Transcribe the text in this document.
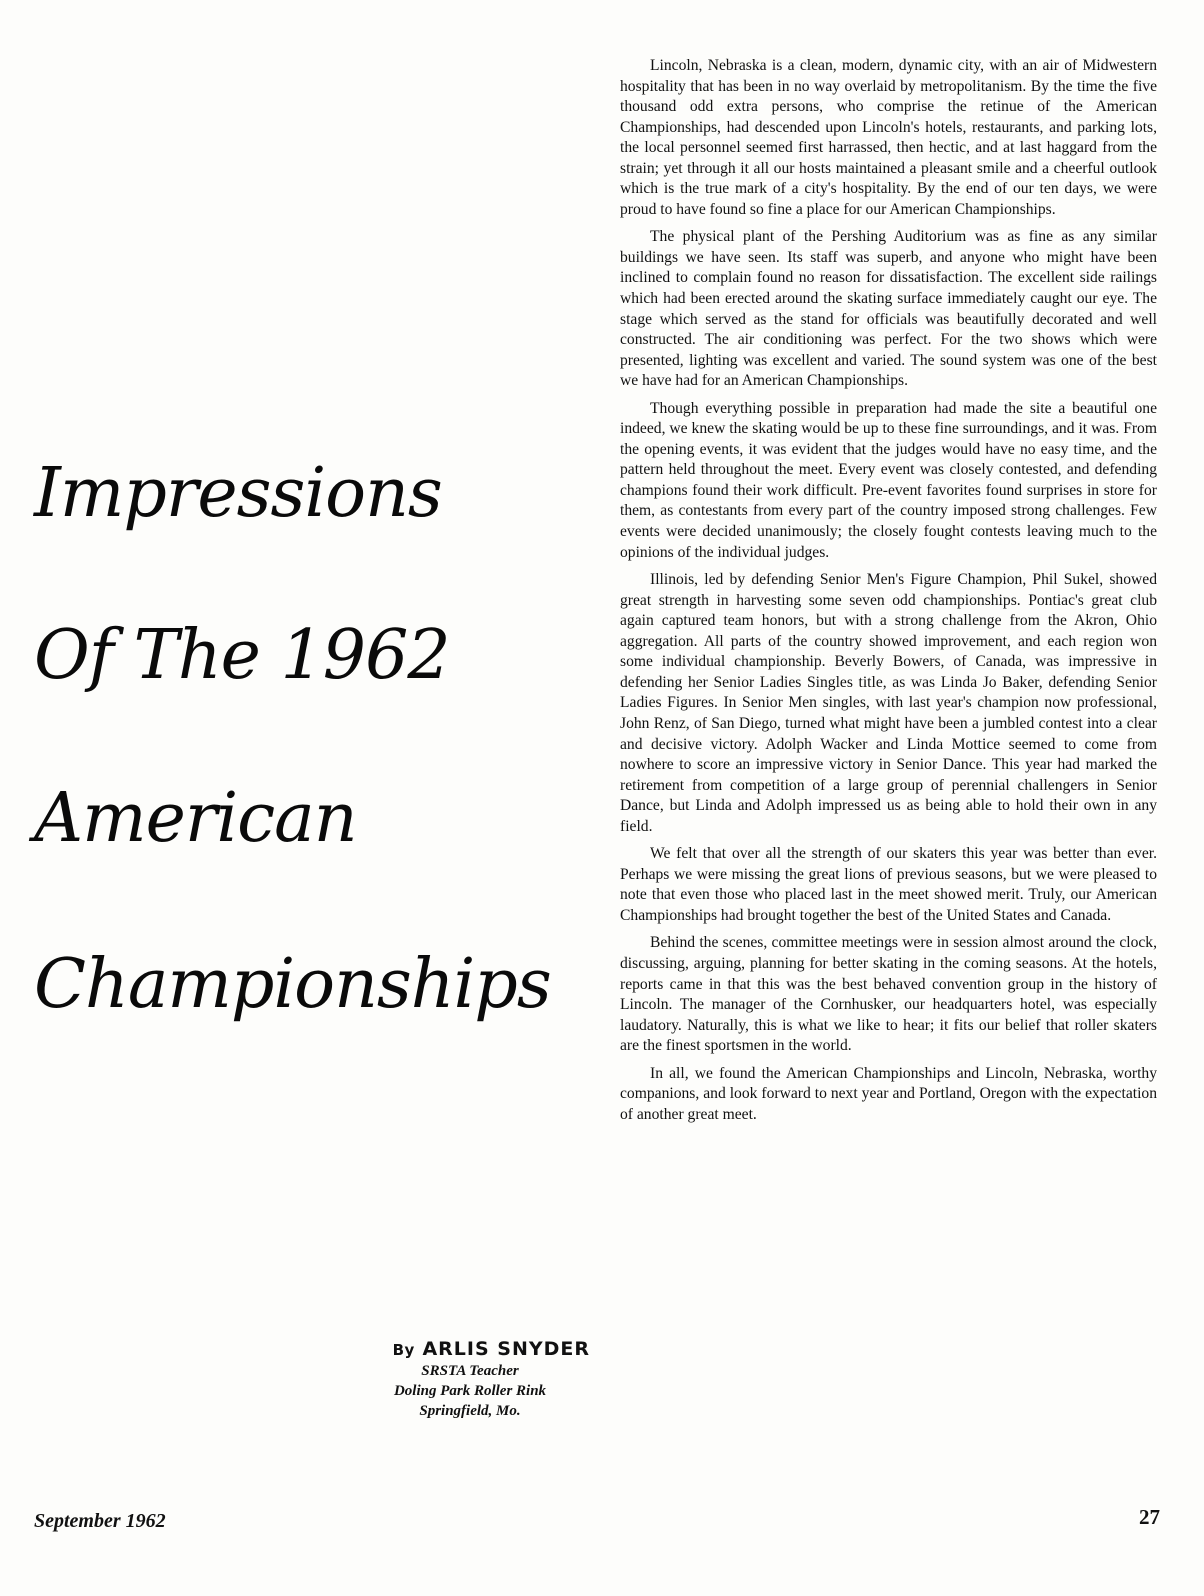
Impressions
Of The 1962
American
Championships
By ARLIS SNYDER
SRSTA Teacher
Doling Park Roller Rink
Springfield, Mo.

Lincoln, Nebraska is a clean, modern, dynamic city, with an air of Midwestern hospitality that has been in no way overlaid by metropolitanism. By the time the five thousand odd extra persons, who comprise the retinue of the American Championships, had descended upon Lincoln's hotels, restaurants, and parking lots, the local personnel seemed first harrassed, then hectic, and at last haggard from the strain; yet through it all our hosts maintained a pleasant smile and a cheerful outlook which is the true mark of a city's hospitality. By the end of our ten days, we were proud to have found so fine a place for our American Championships.

The physical plant of the Pershing Auditorium was as fine as any similar buildings we have seen. Its staff was superb, and anyone who might have been inclined to complain found no reason for dissatisfaction. The excellent side railings which had been erected around the skating surface immediately caught our eye. The stage which served as the stand for officials was beautifully decorated and well constructed. The air conditioning was perfect. For the two shows which were presented, lighting was excellent and varied. The sound system was one of the best we have had for an American Championships.

Though everything possible in preparation had made the site a beautiful one indeed, we knew the skating would be up to these fine surroundings, and it was. From the opening events, it was evident that the judges would have no easy time, and the pattern held throughout the meet. Every event was closely contested, and defending champions found their work difficult. Pre-event favorites found surprises in store for them, as contestants from every part of the country imposed strong challenges. Few events were decided unanimously; the closely fought contests leaving much to the opinions of the individual judges.

Illinois, led by defending Senior Men's Figure Champion, Phil Sukel, showed great strength in harvesting some seven odd championships. Pontiac's great club again captured team honors, but with a strong challenge from the Akron, Ohio aggregation. All parts of the country showed improvement, and each region won some individual championship. Beverly Bowers, of Canada, was impressive in defending her Senior Ladies Singles title, as was Linda Jo Baker, defending Senior Ladies Figures. In Senior Men singles, with last year's champion now professional, John Renz, of San Diego, turned what might have been a jumbled contest into a clear and decisive victory. Adolph Wacker and Linda Mottice seemed to come from nowhere to score an impressive victory in Senior Dance. This year had marked the retirement from competition of a large group of perennial challengers in Senior Dance, but Linda and Adolph impressed us as being able to hold their own in any field.

We felt that over all the strength of our skaters this year was better than ever. Perhaps we were missing the great lions of previous seasons, but we were pleased to note that even those who placed last in the meet showed merit. Truly, our American Championships had brought together the best of the United States and Canada.

Behind the scenes, committee meetings were in session almost around the clock, discussing, arguing, planning for better skating in the coming seasons. At the hotels, reports came in that this was the best behaved convention group in the history of Lincoln. The manager of the Cornhusker, our headquarters hotel, was especially laudatory. Naturally, this is what we like to hear; it fits our belief that roller skaters are the finest sportsmen in the world.

In all, we found the American Championships and Lincoln, Nebraska, worthy companions, and look forward to next year and Portland, Oregon with the expectation of another great meet.

September 1962	27
